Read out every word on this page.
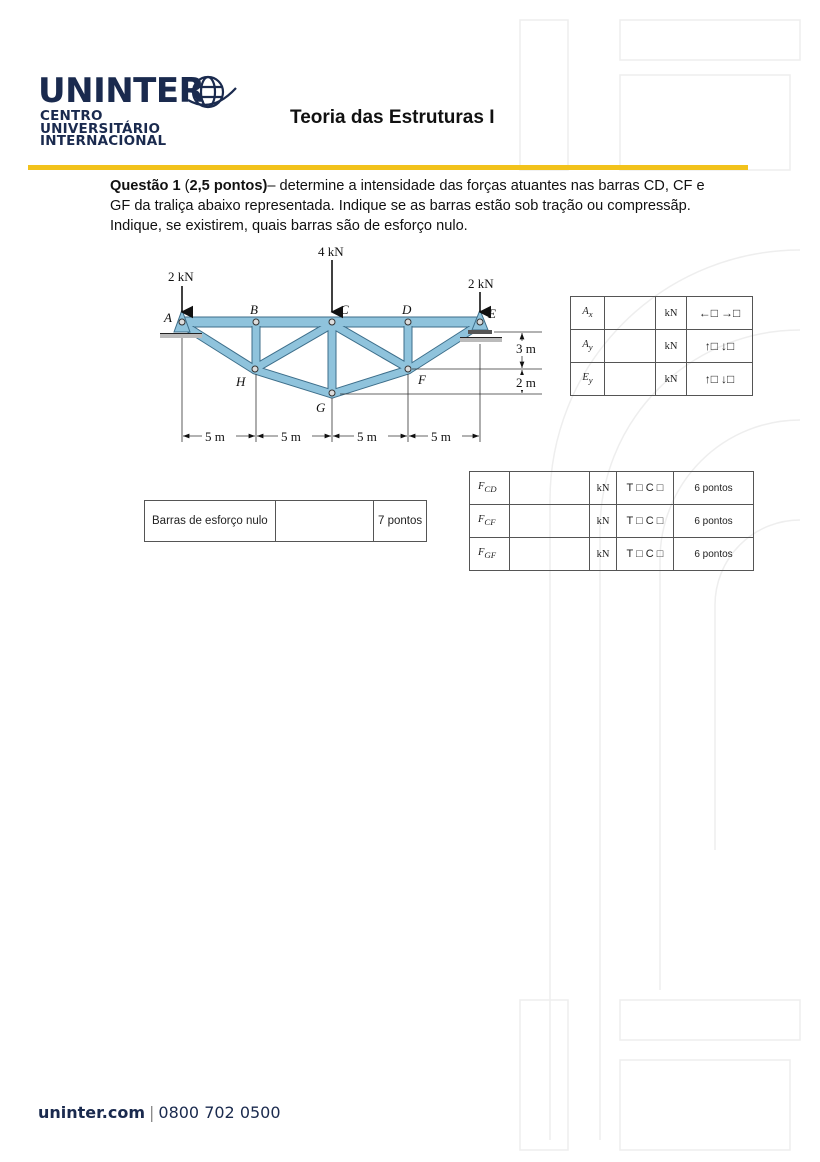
UNINTER
CENTRO
UNIVERSITÁRIO
INTERNACIONAL
Teoria das Estruturas I
Questão 1 (2,5 pontos)– determine a intensidade das forças atuantes nas barras CD, CF e GF da traliça abaixo representada. Indique se as barras estão sob tração ou compressãp. Indique, se existirem, quais barras são de esforço nulo.
2 kN
4 kN
2 kN
A
B	C	D	E
H
G
F
5 m	5 m	5 m	5 m
3 m
2 m
$A_x$		kN	←□ →□
$A_y$		kN	↑□ ↓□
$E_y$		kN	↑□ ↓□
$F_{CD}$		kN	T □ C □	6 pontos
$F_{CF}$		kN	T □ C □	6 pontos
$F_{GF}$		kN	T □ C □	6 pontos
Barras de esforço nulo		7 pontos
uninter.com | 0800 702 0500
